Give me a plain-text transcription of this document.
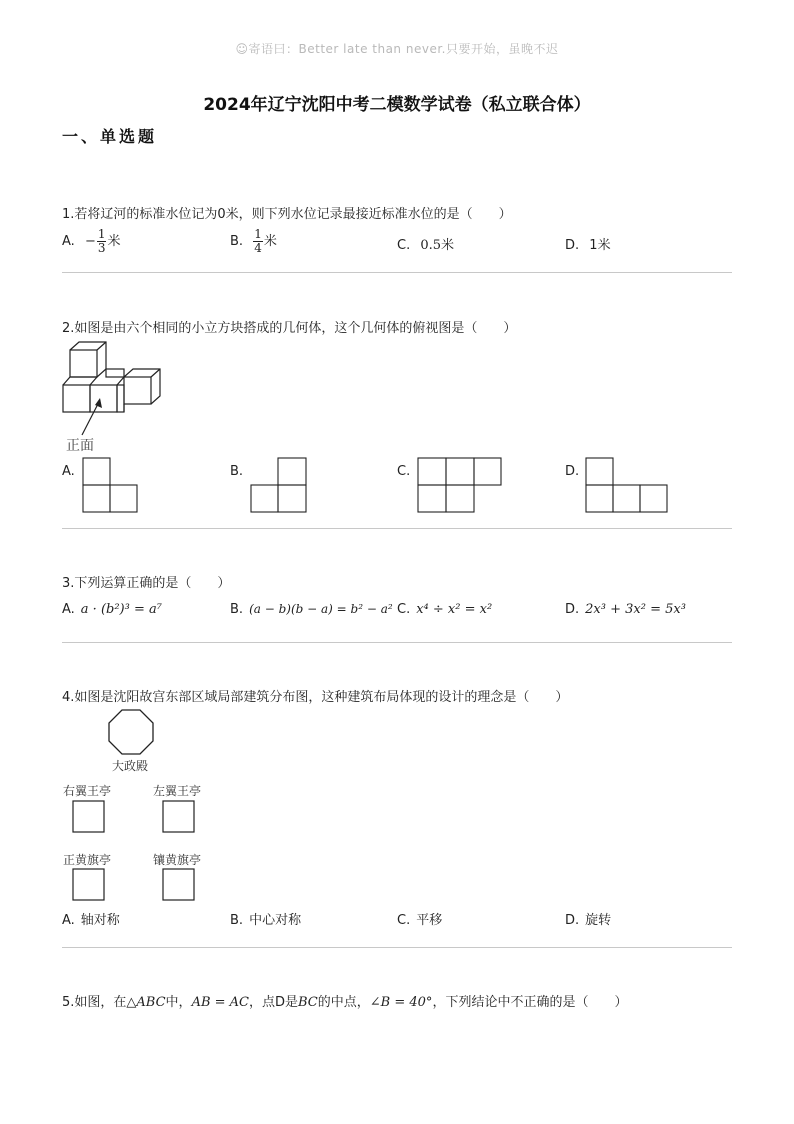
☺寄语曰：Better late than never.只要开始，虽晚不迟
2024年辽宁沈阳中考二模数学试卷（私立联合体）
一、单选题
1.若将辽河的标准水位记为0米，则下列水位记录最接近标准水位的是（　　）
A. − $\frac{1}{3}$ 米	B. $\frac{1}{4}$ 米	C. 0.5米	D. 1米
2.如图是由六个相同的小立方块搭成的几何体，这个几何体的俯视图是（　　）
正面
A.	B.	C.	D.
3.下列运算正确的是（　　）
A. a · (b²)³ = a⁷	B. (a − b)(b − a) = b² − a² C. x⁴ ÷ x² = x²	D. 2x³ + 3x² = 5x³
4.如图是沈阳故宫东部区域局部建筑分布图，这种建筑布局体现的设计的理念是（　　）
大政殿
右翼王亭	左翼王亭
正黄旗亭	镶黄旗亭
A. 轴对称	B. 中心对称	C. 平移	D. 旋转
5.如图，在△ABC中，AB = AC，点D是BC的中点，∠B = 40°，下列结论中不正确的是（　　）
